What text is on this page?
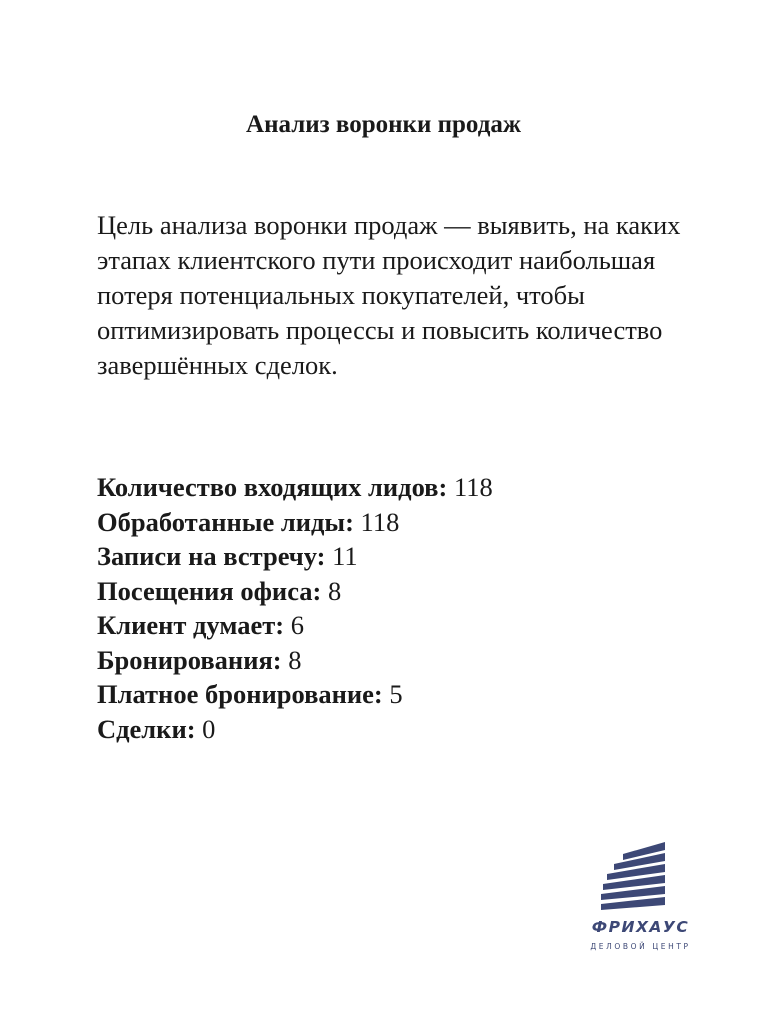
Анализ воронки продаж

Цель анализа воронки продаж — выявить, на каких этапах клиентского пути происходит наибольшая потеря потенциальных покупателей, чтобы оптимизировать процессы и повысить количество завершённых сделок.

Количество входящих лидов: 118
Обработанные лиды: 118
Записи на встречу: 11
Посещения офиса: 8
Клиент думает: 6
Бронирования: 8
Платное бронирование: 5
Сделки: 0
ФРИХАУС
ДЕЛОВОЙ ЦЕНТР
